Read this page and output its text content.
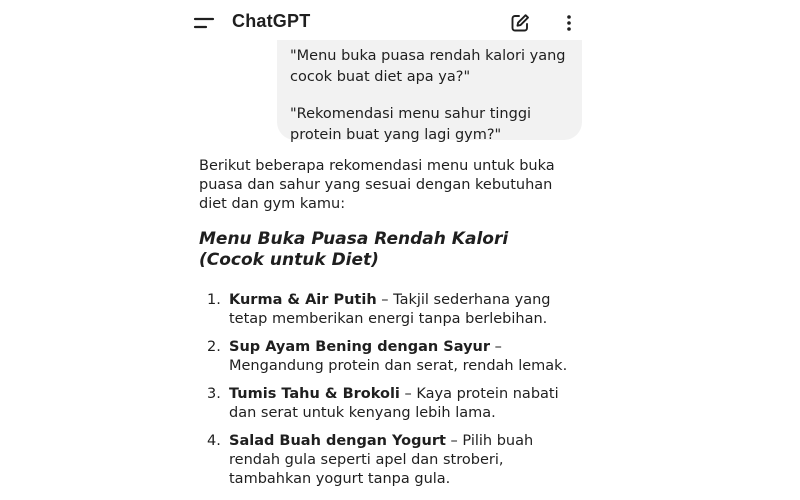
ChatGPT

"Menu buka puasa rendah kalori yang cocok buat diet apa ya?"

"Rekomendasi menu sahur tinggi protein buat yang lagi gym?"

Berikut beberapa rekomendasi menu untuk buka puasa dan sahur yang sesuai dengan kebutuhan diet dan gym kamu:

Menu Buka Puasa Rendah Kalori (Cocok untuk Diet)
1. Kurma & Air Putih – Takjil sederhana yang tetap memberikan energi tanpa berlebihan.
2. Sup Ayam Bening dengan Sayur – Mengandung protein dan serat, rendah lemak.
3. Tumis Tahu & Brokoli – Kaya protein nabati dan serat untuk kenyang lebih lama.
4. Salad Buah dengan Yogurt – Pilih buah rendah gula seperti apel dan stroberi, tambahkan yogurt tanpa gula.
